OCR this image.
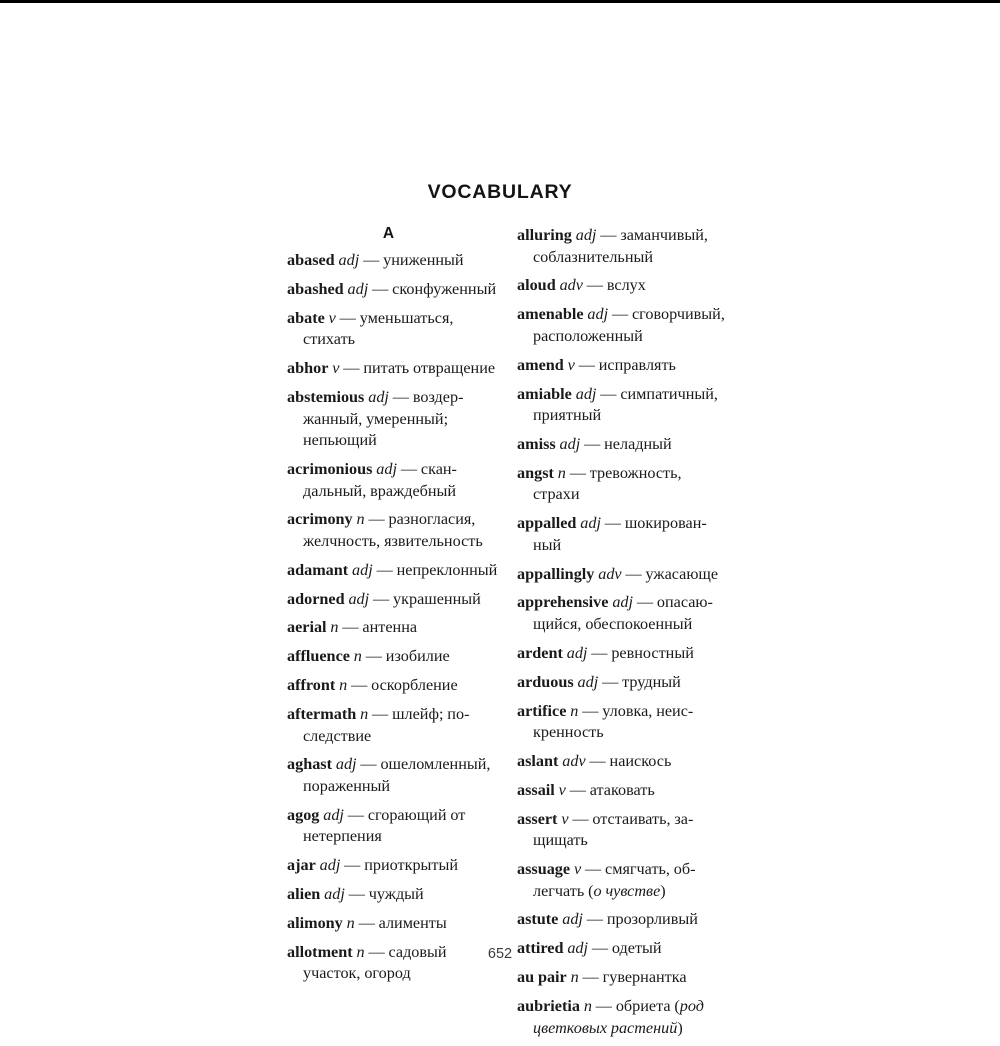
VOCABULARY
A
abased adj — униженный
abashed adj — сконфуженный
abate v — уменьшаться, стихать
abhor v — питать отвращение
abstemious adj — воздержанный, умеренный; непьющий
acrimonious adj — скандальный, враждебный
acrimony n — разногласия, желчность, язвительность
adamant adj — непреклонный
adorned adj — украшенный
aerial n — антенна
affluence n — изобилие
affront n — оскорбление
aftermath n — шлейф; последствие
aghast adj — ошеломленный, пораженный
agog adj — сгорающий от нетерпения
ajar adj — приоткрытый
alien adj — чуждый
alimony n — алименты
allotment n — садовый участок, огород
alluring adj — заманчивый, соблазнительный
aloud adv — вслух
amenable adj — сговорчивый, расположенный
amend v — исправлять
amiable adj — симпатичный, приятный
amiss adj — неладный
angst n — тревожность, страхи
appalled adj — шокированный
appallingly adv — ужасающе
apprehensive adj — опасающийся, обеспокоенный
ardent adj — ревностный
arduous adj — трудный
artifice n — уловка, неискренность
aslant adv — наискось
assail v — атаковать
assert v — отстаивать, защищать
assuage v — смягчать, облегчать (о чувстве)
astute adj — прозорливый
attired adj — одетый
au pair n — гувернантка
aubrietia n — обриета (род цветковых растений)
652
